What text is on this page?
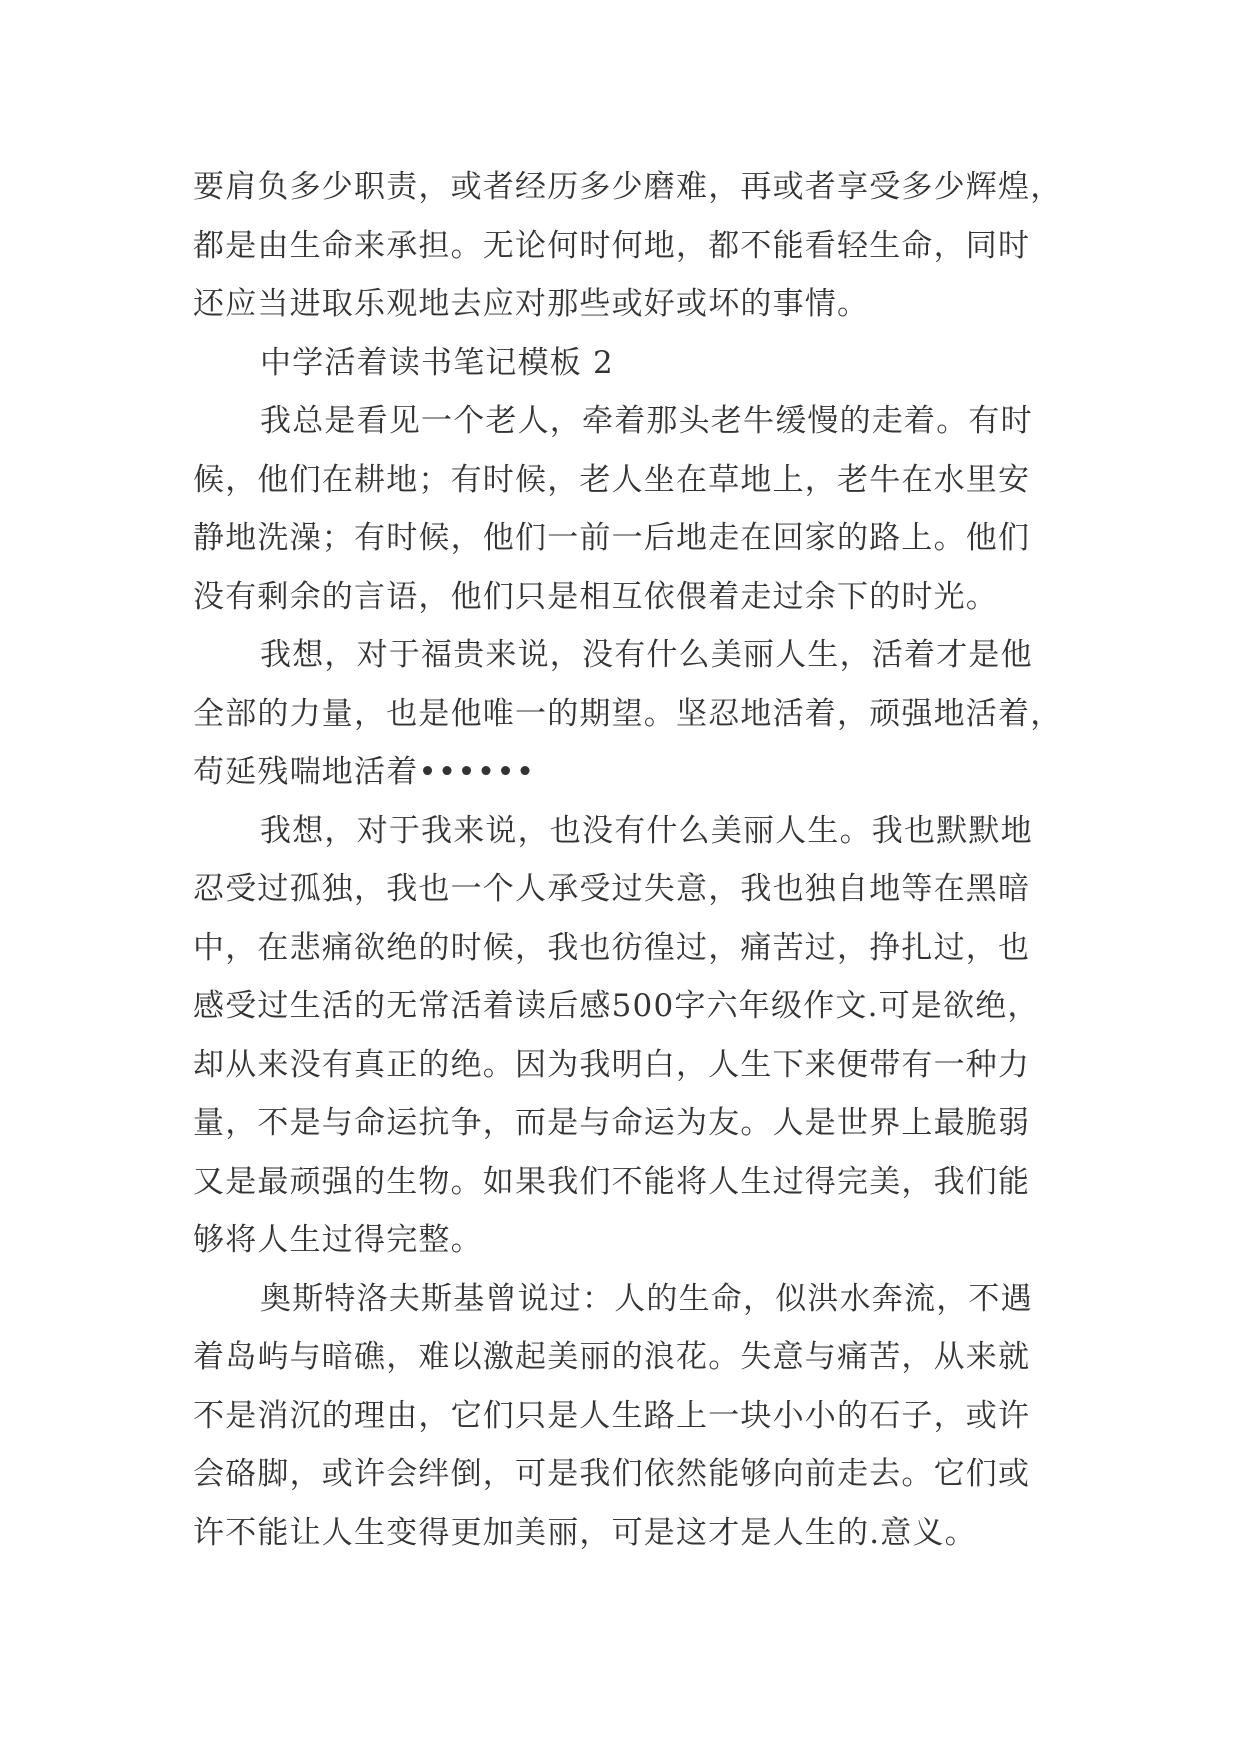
要肩负多少职责，或者经历多少磨难，再或者享受多少辉煌，
都是由生命来承担。无论何时何地，都不能看轻生命，同时
还应当进取乐观地去应对那些或好或坏的事情。
中学活着读书笔记模板 2
我总是看见一个老人，牵着那头老牛缓慢的走着。有时
候，他们在耕地；有时候，老人坐在草地上，老牛在水里安
静地洗澡；有时候，他们一前一后地走在回家的路上。他们
没有剩余的言语，他们只是相互依偎着走过余下的时光。
我想，对于福贵来说，没有什么美丽人生，活着才是他
全部的力量，也是他唯一的期望。坚忍地活着，顽强地活着，
苟延残喘地活着••••••
我想，对于我来说，也没有什么美丽人生。我也默默地
忍受过孤独，我也一个人承受过失意，我也独自地等在黑暗
中，在悲痛欲绝的时候，我也彷徨过，痛苦过，挣扎过，也
感受过生活的无常活着读后感500字六年级作文.可是欲绝，
却从来没有真正的绝。因为我明白，人生下来便带有一种力
量，不是与命运抗争，而是与命运为友。人是世界上最脆弱
又是最顽强的生物。如果我们不能将人生过得完美，我们能
够将人生过得完整。
奥斯特洛夫斯基曾说过：人的生命，似洪水奔流，不遇
着岛屿与暗礁，难以激起美丽的浪花。失意与痛苦，从来就
不是消沉的理由，它们只是人生路上一块小小的石子，或许
会硌脚，或许会绊倒，可是我们依然能够向前走去。它们或
许不能让人生变得更加美丽，可是这才是人生的.意义。
